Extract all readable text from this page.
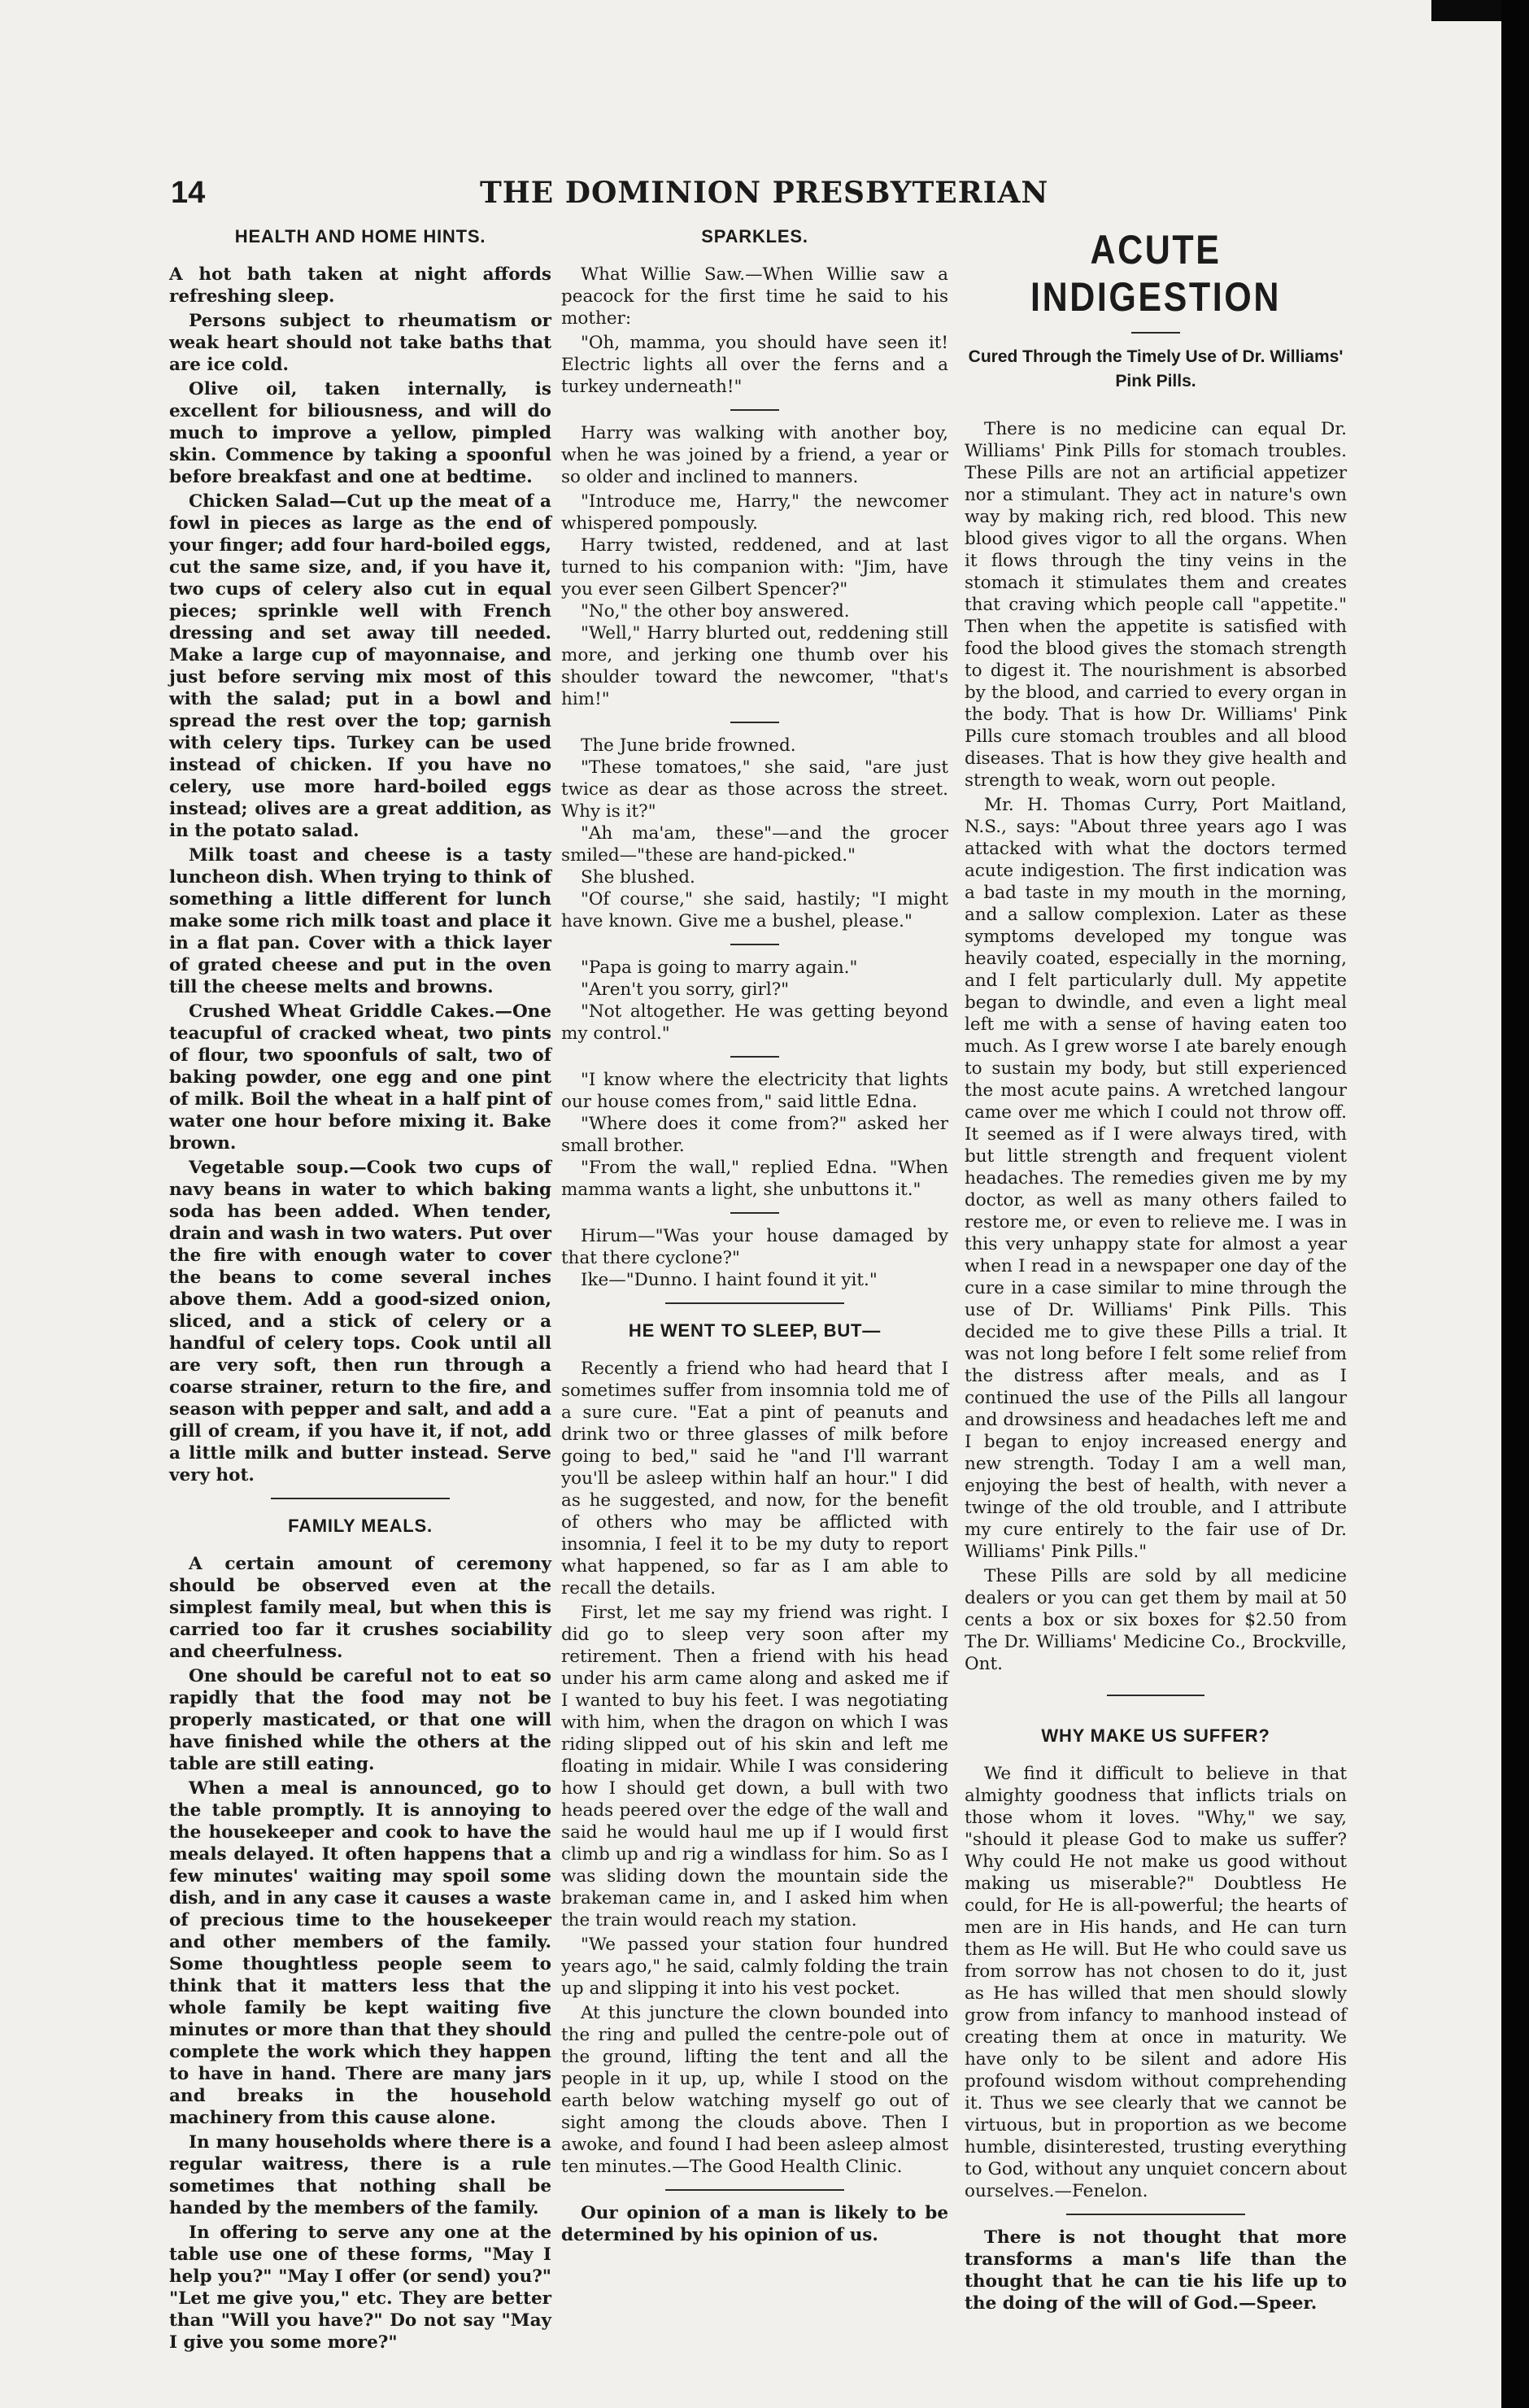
14	THE DOMINION PRESBYTERIAN
HEALTH AND HOME HINTS.

A hot bath taken at night affords refreshing sleep.

Persons subject to rheumatism or weak heart should not take baths that are ice cold.

Olive oil, taken internally, is excellent for biliousness, and will do much to improve a yellow, pimpled skin. Commence by taking a spoonful before breakfast and one at bedtime.

Chicken Salad—Cut up the meat of a fowl in pieces as large as the end of your finger; add four hard-boiled eggs, cut the same size, and, if you have it, two cups of celery also cut in equal pieces; sprinkle well with French dressing and set away till needed. Make a large cup of mayonnaise, and just before serving mix most of this with the salad; put in a bowl and spread the rest over the top; garnish with celery tips. Turkey can be used instead of chicken. If you have no celery, use more hard-boiled eggs instead; olives are a great addition, as in the potato salad.

Milk toast and cheese is a tasty luncheon dish. When trying to think of something a little different for lunch make some rich milk toast and place it in a flat pan. Cover with a thick layer of grated cheese and put in the oven till the cheese melts and browns.

Crushed Wheat Griddle Cakes.—One teacupful of cracked wheat, two pints of flour, two spoonfuls of salt, two of baking powder, one egg and one pint of milk. Boil the wheat in a half pint of water one hour before mixing it. Bake brown.

Vegetable soup.—Cook two cups of navy beans in water to which baking soda has been added. When tender, drain and wash in two waters. Put over the fire with enough water to cover the beans to come several inches above them. Add a good-sized onion, sliced, and a stick of celery or a handful of celery tops. Cook until all are very soft, then run through a coarse strainer, return to the fire, and season with pepper and salt, and add a gill of cream, if you have it, if not, add a little milk and butter instead. Serve very hot.

FAMILY MEALS.

A certain amount of ceremony should be observed even at the simplest family meal, but when this is carried too far it crushes sociability and cheerfulness.

One should be careful not to eat so rapidly that the food may not be properly masticated, or that one will have finished while the others at the table are still eating.

When a meal is announced, go to the table promptly. It is annoying to the housekeeper and cook to have the meals delayed. It often happens that a few minutes' waiting may spoil some dish, and in any case it causes a waste of precious time to the housekeeper and other members of the family. Some thoughtless people seem to think that it matters less that the whole family be kept waiting five minutes or more than that they should complete the work which they happen to have in hand. There are many jars and breaks in the household machinery from this cause alone.

In many households where there is a regular waitress, there is a rule sometimes that nothing shall be handed by the members of the family.

In offering to serve any one at the table use one of these forms, "May I help you?" "May I offer (or send) you?" "Let me give you," etc. They are better than "Will you have?" Do not say "May I give you some more?"

SPARKLES.

What Willie Saw.—When Willie saw a peacock for the first time he said to his mother:

"Oh, mamma, you should have seen it! Electric lights all over the ferns and a turkey underneath!"

Harry was walking with another boy, when he was joined by a friend, a year or so older and inclined to manners.

"Introduce me, Harry," the newcomer whispered pompously.

Harry twisted, reddened, and at last turned to his companion with: "Jim, have you ever seen Gilbert Spencer?"

"No," the other boy answered.

"Well," Harry blurted out, reddening still more, and jerking one thumb over his shoulder toward the newcomer, "that's him!"

The June bride frowned.

"These tomatoes," she said, "are just twice as dear as those across the street. Why is it?"

"Ah ma'am, these"—and the grocer smiled—"these are hand-picked."

She blushed.

"Of course," she said, hastily; "I might have known. Give me a bushel, please."

"Papa is going to marry again."

"Aren't you sorry, girl?"

"Not altogether. He was getting beyond my control."

"I know where the electricity that lights our house comes from," said little Edna.

"Where does it come from?" asked her small brother.

"From the wall," replied Edna. "When mamma wants a light, she unbuttons it."

Hirum—"Was your house damaged by that there cyclone?"

Ike—"Dunno. I haint found it yit."

HE WENT TO SLEEP, BUT—

Recently a friend who had heard that I sometimes suffer from insomnia told me of a sure cure. "Eat a pint of peanuts and drink two or three glasses of milk before going to bed," said he "and I'll warrant you'll be asleep within half an hour." I did as he suggested, and now, for the benefit of others who may be afflicted with insomnia, I feel it to be my duty to report what happened, so far as I am able to recall the details.

First, let me say my friend was right. I did go to sleep very soon after my retirement. Then a friend with his head under his arm came along and asked me if I wanted to buy his feet. I was negotiating with him, when the dragon on which I was riding slipped out of his skin and left me floating in midair. While I was considering how I should get down, a bull with two heads peered over the edge of the wall and said he would haul me up if I would first climb up and rig a windlass for him. So as I was sliding down the mountain side the brakeman came in, and I asked him when the train would reach my station.

"We passed your station four hundred years ago," he said, calmly folding the train up and slipping it into his vest pocket.

At this juncture the clown bounded into the ring and pulled the centre-pole out of the ground, lifting the tent and all the people in it up, up, while I stood on the earth below watching myself go out of sight among the clouds above. Then I awoke, and found I had been asleep almost ten minutes.—The Good Health Clinic.

Our opinion of a man is likely to be determined by his opinion of us.

ACUTE INDIGESTION
Cured Through the Timely Use of Dr. Williams' Pink Pills.

There is no medicine can equal Dr. Williams' Pink Pills for stomach troubles. These Pills are not an artificial appetizer nor a stimulant. They act in nature's own way by making rich, red blood. This new blood gives vigor to all the organs. When it flows through the tiny veins in the stomach it stimulates them and creates that craving which people call "appetite." Then when the appetite is satisfied with food the blood gives the stomach strength to digest it. The nourishment is absorbed by the blood, and carried to every organ in the body. That is how Dr. Williams' Pink Pills cure stomach troubles and all blood diseases. That is how they give health and strength to weak, worn out people.

Mr. H. Thomas Curry, Port Maitland, N.S., says: "About three years ago I was attacked with what the doctors termed acute indigestion. The first indication was a bad taste in my mouth in the morning, and a sallow complexion. Later as these symptoms developed my tongue was heavily coated, especially in the morning, and I felt particularly dull. My appetite began to dwindle, and even a light meal left me with a sense of having eaten too much. As I grew worse I ate barely enough to sustain my body, but still experienced the most acute pains. A wretched langour came over me which I could not throw off. It seemed as if I were always tired, with but little strength and frequent violent headaches. The remedies given me by my doctor, as well as many others failed to restore me, or even to relieve me. I was in this very unhappy state for almost a year when I read in a newspaper one day of the cure in a case similar to mine through the use of Dr. Williams' Pink Pills. This decided me to give these Pills a trial. It was not long before I felt some relief from the distress after meals, and as I continued the use of the Pills all langour and drowsiness and headaches left me and I began to enjoy increased energy and new strength. Today I am a well man, enjoying the best of health, with never a twinge of the old trouble, and I attribute my cure entirely to the fair use of Dr. Williams' Pink Pills."

These Pills are sold by all medicine dealers or you can get them by mail at 50 cents a box or six boxes for $2.50 from The Dr. Williams' Medicine Co., Brockville, Ont.

WHY MAKE US SUFFER?

We find it difficult to believe in that almighty goodness that inflicts trials on those whom it loves. "Why," we say, "should it please God to make us suffer? Why could He not make us good without making us miserable?" Doubtless He could, for He is all-powerful; the hearts of men are in His hands, and He can turn them as He will. But He who could save us from sorrow has not chosen to do it, just as He has willed that men should slowly grow from infancy to manhood instead of creating them at once in maturity. We have only to be silent and adore His profound wisdom without comprehending it. Thus we see clearly that we cannot be virtuous, but in proportion as we become humble, disinterested, trusting everything to God, without any unquiet concern about ourselves.—Fenelon.

There is not thought that more transforms a man's life than the thought that he can tie his life up to the doing of the will of God.—Speer.
